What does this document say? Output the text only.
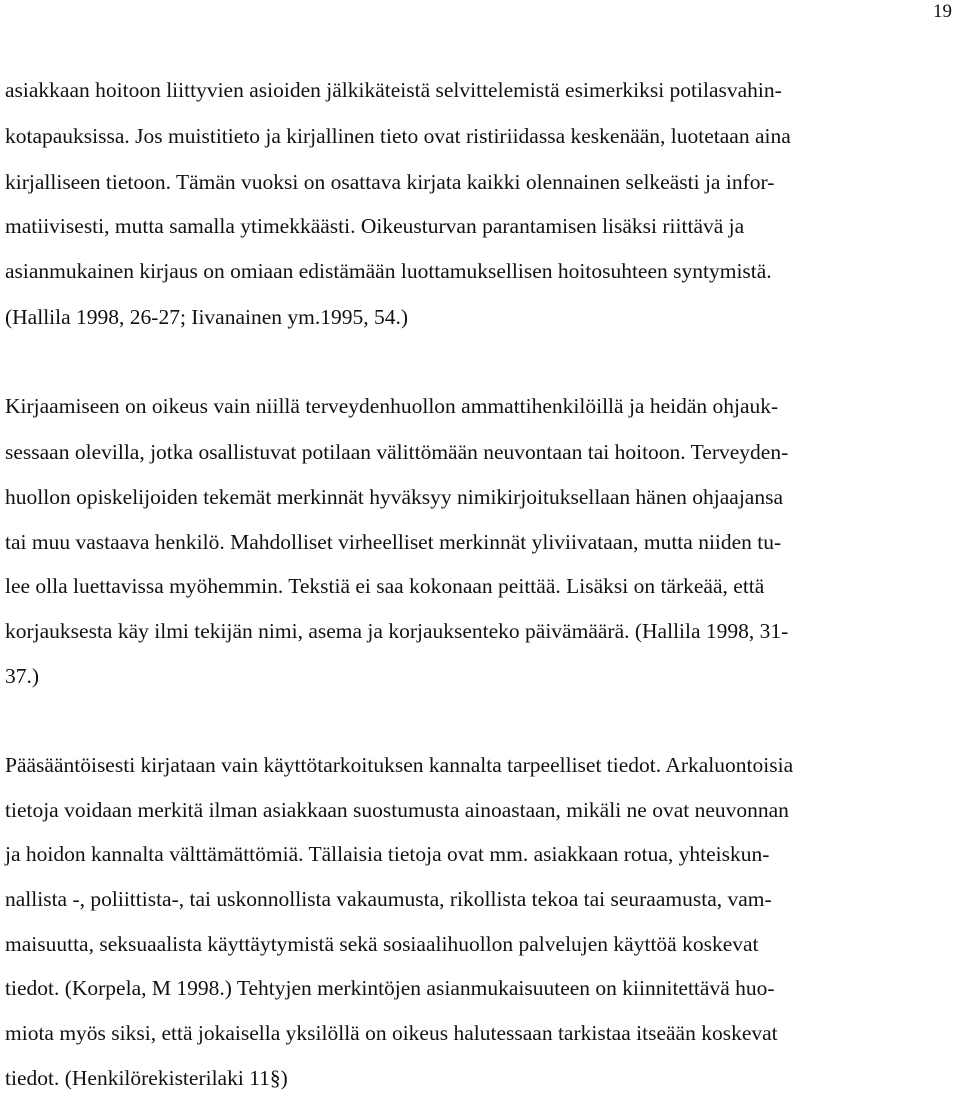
19
asiakkaan hoitoon liittyvien asioiden jälkikäteistä selvittelemistä esimerkiksi potilasvahin-
kotapauksissa. Jos muistitieto ja kirjallinen tieto ovat ristiriidassa keskenään, luotetaan aina
kirjalliseen tietoon. Tämän vuoksi on osattava kirjata kaikki olennainen selkeästi ja infor-
matiivisesti, mutta samalla ytimekkäästi. Oikeusturvan parantamisen lisäksi riittävä ja
asianmukainen kirjaus on omiaan edistämään luottamuksellisen hoitosuhteen syntymistä.
(Hallila 1998, 26-27; Iivanainen ym.1995, 54.)
Kirjaamiseen on oikeus vain niillä terveydenhuollon ammattihenkilöillä ja heidän ohjauk-
sessaan olevilla, jotka osallistuvat potilaan välittömään neuvontaan tai hoitoon. Terveyden-
huollon opiskelijoiden tekemät merkinnät hyväksyy nimikirjoituksellaan hänen ohjaajansa
tai muu vastaava henkilö. Mahdolliset virheelliset merkinnät yliviivataan, mutta niiden tu-
lee olla luettavissa myöhemmin. Tekstiä ei saa kokonaan peittää. Lisäksi on tärkeää, että
korjauksesta käy ilmi tekijän nimi, asema ja korjauksenteko päivämäärä. (Hallila 1998, 31-
37.)
Pääsääntöisesti kirjataan vain käyttötarkoituksen kannalta tarpeelliset tiedot. Arkaluontoisia
tietoja voidaan merkitä ilman asiakkaan suostumusta ainoastaan, mikäli ne ovat neuvonnan
ja hoidon kannalta välttämättömiä. Tällaisia tietoja ovat mm. asiakkaan rotua, yhteiskun-
nallista -, poliittista-, tai uskonnollista vakaumusta, rikollista tekoa tai seuraamusta, vam-
maisuutta, seksuaalista käyttäytymistä sekä sosiaalihuollon palvelujen käyttöä koskevat
tiedot. (Korpela, M 1998.) Tehtyjen merkintöjen asianmukaisuuteen on kiinnitettävä huo-
miota myös siksi, että jokaisella yksilöllä on oikeus halutessaan tarkistaa itseään koskevat
tiedot. (Henkilörekisterilaki 11§)
